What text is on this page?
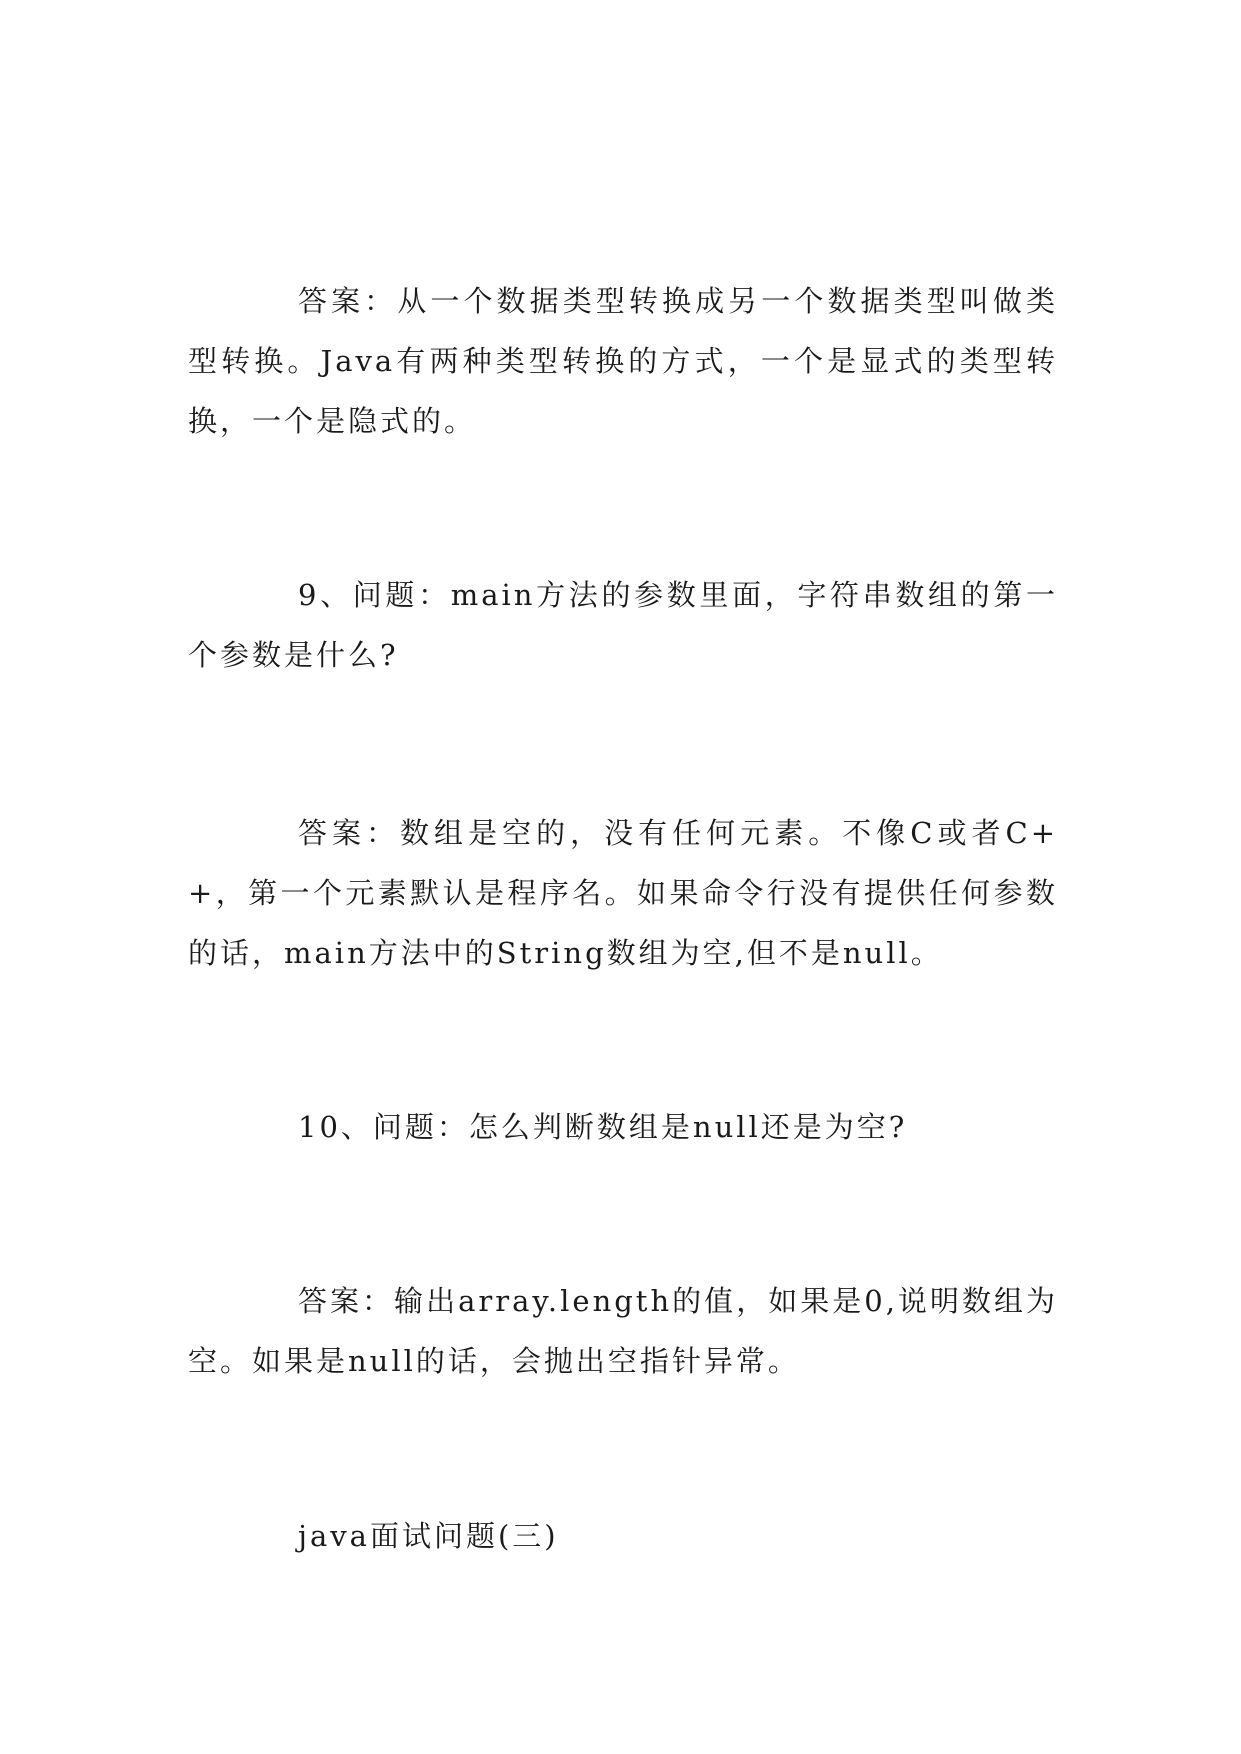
答案：从一个数据类型转换成另一个数据类型叫做类型转换。Java有两种类型转换的方式，一个是显式的类型转换，一个是隐式的。

9、问题：main方法的参数里面，字符串数组的第一个参数是什么?

答案：数组是空的，没有任何元素。不像C或者C++，第一个元素默认是程序名。如果命令行没有提供任何参数的话，main方法中的String数组为空,但不是null。

10、问题：怎么判断数组是null还是为空?

答案：输出array.length的值，如果是0,说明数组为空。如果是null的话，会抛出空指针异常。

java面试问题(三)
